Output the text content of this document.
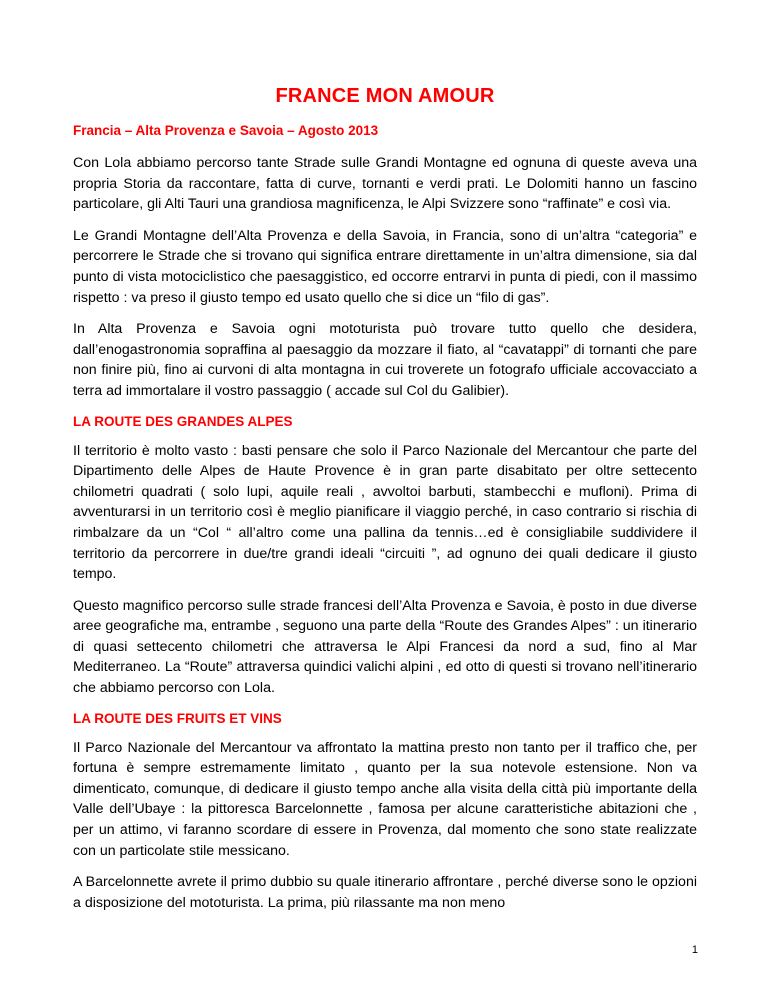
FRANCE MON AMOUR
Francia – Alta Provenza e Savoia – Agosto 2013

Con Lola abbiamo percorso tante Strade sulle Grandi Montagne ed ognuna di queste aveva una propria Storia da raccontare, fatta di curve, tornanti e verdi prati. Le Dolomiti hanno un fascino particolare, gli Alti Tauri una grandiosa magnificenza, le Alpi Svizzere sono “raffinate” e così via.

Le Grandi Montagne dell’Alta Provenza e della Savoia, in Francia, sono di un’altra “categoria” e percorrere le Strade che si trovano qui significa entrare direttamente in un’altra dimensione, sia dal punto di vista motociclistico che paesaggistico, ed occorre entrarvi in punta di piedi, con il massimo rispetto : va preso il giusto tempo ed usato quello che si dice un “filo di gas”.

In Alta Provenza e Savoia ogni mototurista può trovare tutto quello che desidera, dall’enogastronomia sopraffina al paesaggio da mozzare il fiato, al “cavatappi” di tornanti che pare non finire più, fino ai curvoni di alta montagna in cui troverete un fotografo ufficiale accovacciato a terra ad immortalare il vostro passaggio ( accade sul Col du Galibier).

LA ROUTE DES GRANDES ALPES

Il territorio è molto vasto : basti pensare che solo il Parco Nazionale del Mercantour che parte del Dipartimento delle Alpes de Haute Provence è in gran parte disabitato per oltre settecento chilometri quadrati ( solo lupi, aquile reali , avvoltoi barbuti, stambecchi e mufloni). Prima di avventurarsi in un territorio così è meglio pianificare il viaggio perché, in caso contrario si rischia di rimbalzare da un “Col “ all’altro come una pallina da tennis…ed è consigliabile suddividere il territorio da percorrere in due/tre grandi ideali “circuiti ”, ad ognuno dei quali dedicare il giusto tempo.

Questo magnifico percorso sulle strade francesi dell’Alta Provenza e Savoia, è posto in due diverse aree geografiche ma, entrambe , seguono una parte della “Route des Grandes Alpes” : un itinerario di quasi settecento chilometri che attraversa le Alpi Francesi da nord a sud, fino al Mar Mediterraneo. La “Route” attraversa quindici valichi alpini , ed otto di questi si trovano nell’itinerario che abbiamo percorso con Lola.

LA ROUTE DES FRUITS ET VINS

Il Parco Nazionale del Mercantour va affrontato la mattina presto non tanto per il traffico che, per fortuna è sempre estremamente limitato , quanto per la sua notevole estensione. Non va dimenticato, comunque, di dedicare il giusto tempo anche alla visita della città più importante della Valle dell’Ubaye : la pittoresca Barcelonnette , famosa per alcune caratteristiche abitazioni che , per un attimo, vi faranno scordare di essere in Provenza, dal momento che sono state realizzate con un particolate stile messicano.

A Barcelonnette avrete il primo dubbio su quale itinerario affrontare , perché diverse sono le opzioni a disposizione del mototurista. La prima, più rilassante ma non meno

1
